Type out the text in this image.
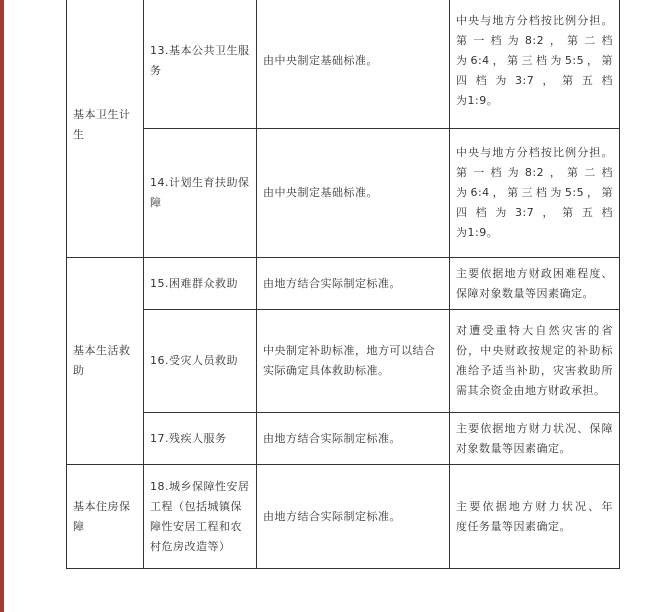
基本卫生计生	13.基本公共卫生服务	由中央制定基础标准。	中央与地方分档按比例分担。
第一档为8:2，第二档
为6:4，第三档为5:5，第
四档为3:7，第五档
为1:9。

	14.计划生育扶助保障	由中央制定基础标准。	中央与地方分档按比例分担。
第一档为8:2，第二档
为6:4，第三档为5:5，第
四档为3:7，第五档
为1:9。

基本生活救助	15.困难群众救助	由地方结合实际制定标准。	主要依据地方财政困难程度、
保障对象数量等因素确定。

	16.受灾人员救助	中央制定补助标准，地方可以结合实际确定具体救助标准。	对遭受重特大自然灾害的省
份，中央财政按规定的补助标
准给予适当补助，灾害救助所
需其余资金由地方财政承担。

	17.残疾人服务	由地方结合实际制定标准。	主要依据地方财力状况、保障
对象数量等因素确定。

基本住房保障	18.城乡保障性安居工程（包括城镇保障性安居工程和农村危房改造等）	由地方结合实际制定标准。	主要依据地方财力状况、年
度任务量等因素确定。
